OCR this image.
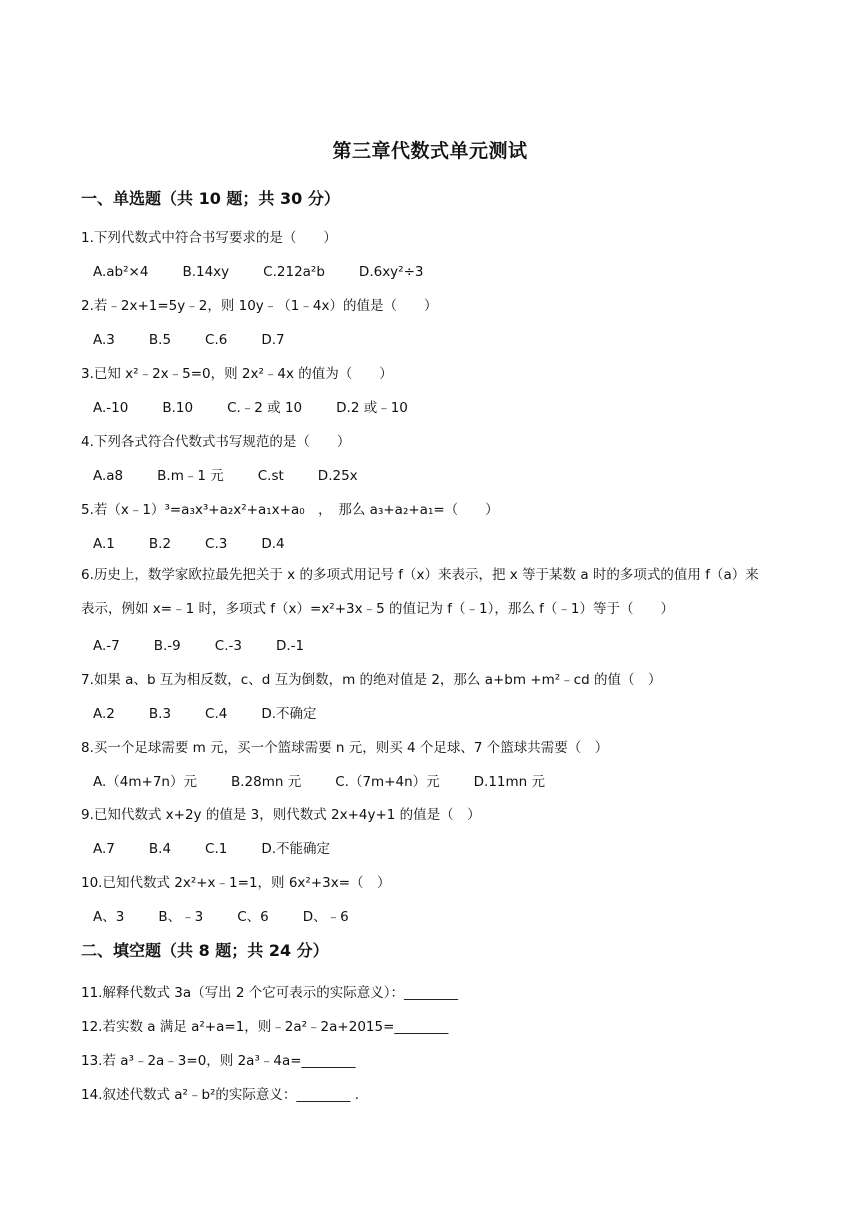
第三章代数式单元测试
一、单选题（共 10 题；共 30 分）
1.下列代数式中符合书写要求的是（　　）
A.ab²×4	B.14xy	C.212a²b	D.6xy²÷3
2.若﹣2x+1=5y﹣2，则 10y﹣（1﹣4x）的值是（　　）
A.3	B.5	C.6	D.7
3.已知 x²﹣2x﹣5=0，则 2x²﹣4x 的值为（　　）
A.-10	B.10	C.﹣2 或 10	D.2 或﹣10
4.下列各式符合代数式书写规范的是（　　）
A.a8	B.m﹣1 元	C.st	D.25x
5.若（x﹣1）³=a₃x³+a₂x²+a₁x+a₀　，　那么 a₃+a₂+a₁=（　　）
A.1	B.2	C.3	D.4
6.历史上，数学家欧拉最先把关于 x 的多项式用记号 f（x）来表示，把 x 等于某数 a 时的多项式的值用 f（a）来表示，例如 x=﹣1 时，多项式 f（x）=x²+3x﹣5 的值记为 f（﹣1），那么 f（﹣1）等于（　　）
A.-7	B.-9	C.-3	D.-1
7.如果 a、b 互为相反数，c、d 互为倒数，m 的绝对值是 2，那么 a+bm +m²﹣cd 的值（　）
A.2	B.3	C.4	D.不确定
8.买一个足球需要 m 元，买一个篮球需要 n 元，则买 4 个足球、7 个篮球共需要（　）
A.（4m+7n）元	B.28mn 元	C.（7m+4n）元	D.11mn 元
9.已知代数式 x+2y 的值是 3，则代数式 2x+4y+1 的值是（　）
A.7	B.4	C.1	D.不能确定
10.已知代数式 2x²+x﹣1=1，则 6x²+3x=（　）
A、3	B、﹣3	C、6	D、﹣6
二、填空题（共 8 题；共 24 分）
11.解释代数式 3a（写出 2 个它可表示的实际意义）：________
12.若实数 a 满足 a²+a=1，则﹣2a²﹣2a+2015=________
13.若 a³﹣2a﹣3=0，则 2a³﹣4a=________
14.叙述代数式 a²﹣b²的实际意义：________ .
